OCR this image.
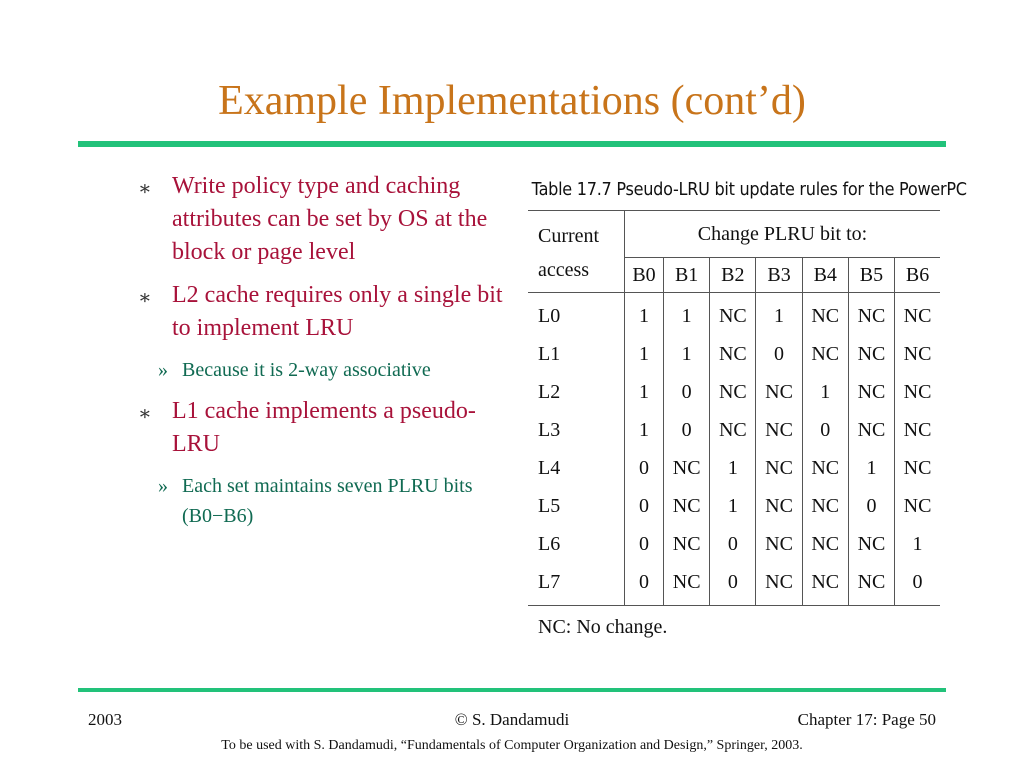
Example Implementations (cont’d)
∗ Write policy type and caching attributes can be set by OS at the block or page level
∗ L2 cache requires only a single bit to implement LRU
» Because it is 2-way associative
∗ L1 cache implements a pseudo-LRU
» Each set maintains seven PLRU bits (B0−B6)
Table 17.7 Pseudo-LRU bit update rules for the PowerPC
Current access	Change PLRU bit to:						
	B0	B1	B2	B3	B4	B5	B6
L0	1	1	NC	1	NC	NC	NC
L1	1	1	NC	0	NC	NC	NC
L2	1	0	NC	NC	1	NC	NC
L3	1	0	NC	NC	0	NC	NC
L4	0	NC	1	NC	NC	1	NC
L5	0	NC	1	NC	NC	0	NC
L6	0	NC	0	NC	NC	NC	1
L7	0	NC	0	NC	NC	NC	0
NC: No change.
2003	© S. Dandamudi	Chapter 17: Page 50
To be used with S. Dandamudi, “Fundamentals of Computer Organization and Design,” Springer, 2003.
